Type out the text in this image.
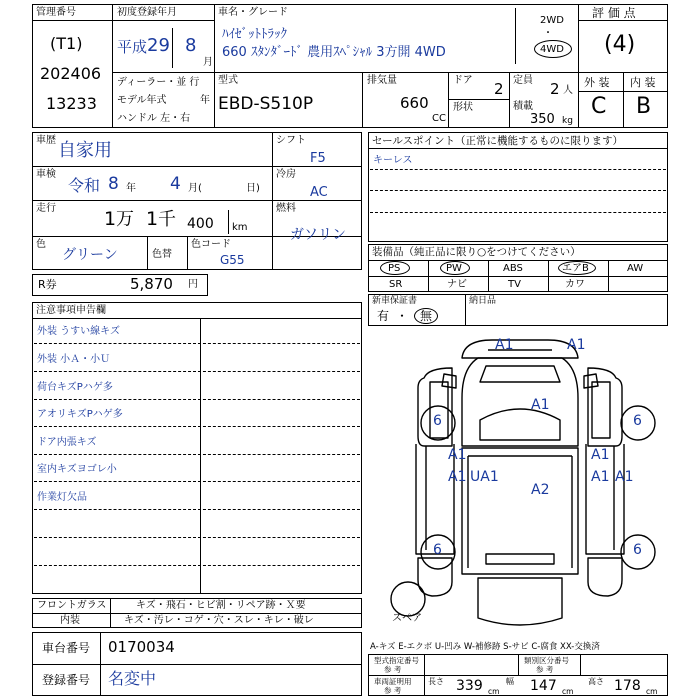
管理番号
(T1)
202406
13233
初度登録年月
平成 29 8
月
ディーラー・並 行
モデル年式	年
ハンドル 左・右
車名・グレード
ﾊｲｾﾞｯﾄﾄﾗｯｸ
660 ｽﾀﾝﾀﾞｰﾄﾞ 農用ｽﾍﾟｼｬﾙ 3方開 4WD
2WD
・
4WD
型式
EBD-S510P
排気量
660
CC
ドア 2
形状
定員 2 人
積載
350 kg
評 価 点
(4)
外 装 内 装
C B
車歴 自家用
車検
令和 8 年 4 月(	日)
走行	1 万 1 千 400 km
色
グリーン	色替
色コード
G55
シフト
F5
冷房
AC
燃料
ガソリン
R券	5,870 円
セールスポイント（正常に機能するものに限ります）
キーレス
装備品（純正品に限り○をつけてください）
PS	PW	ABS	エアB	AW
SR	ナビ	TV	カワ
新車保証書
有 ・ 無
納日品
注意事項申告欄
外装 うすい線キズ
外装 小Ａ・小Ｕ
荷台キズPハゲ多
アオリキズPハゲ多
ドア内張キズ
室内キズヨゴレ小
作業灯欠品
フロントガラス	キズ・飛石・ヒビ割・リペア跡・Ｘ要
内装	キズ・汚レ・コゲ・穴・スレ・キレ・破レ
車台番号 0170034
登録番号 名変中
A-キズ E-エクボ U-凹み W-補修跡 S-サビ C-腐食 XX-交換済
型式指定番号
参 考
類別区分番号
参 考
車両証明用
参 考
長さ 339 cm
幅 147 cm
高さ 178 cm
A1	A1
A1
6	6
A1
A1 UA1
A2
A1
A1 A1
6	6
スペア
